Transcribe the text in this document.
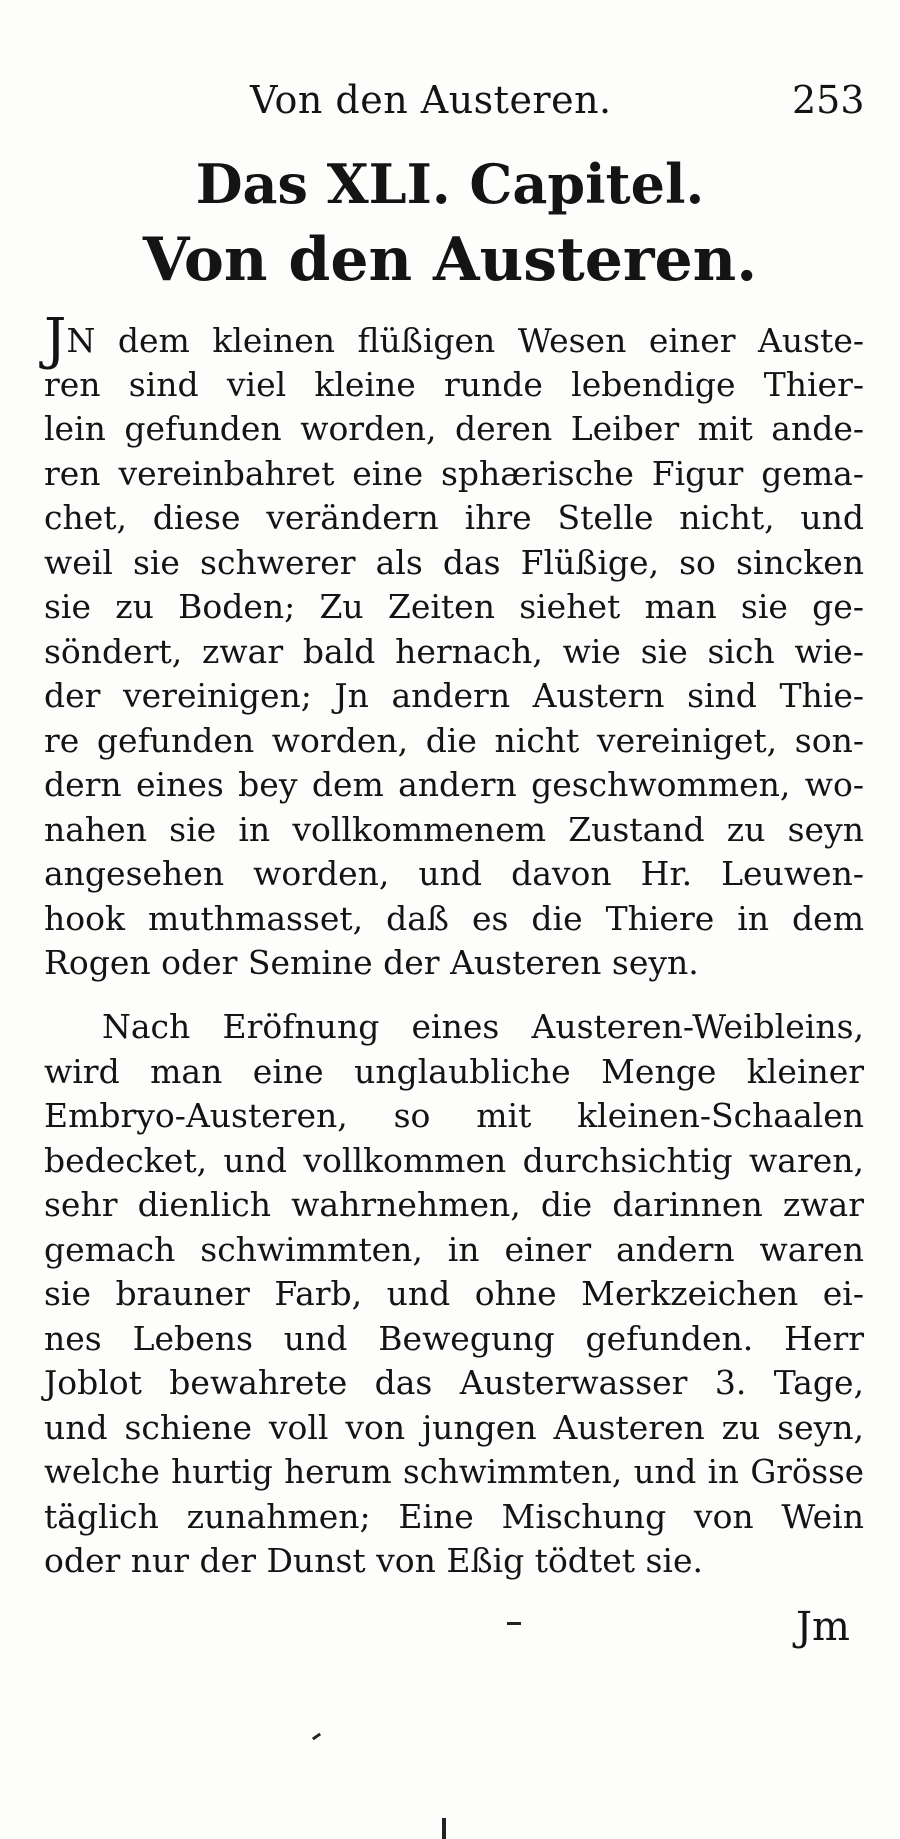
Von den Austeren.	253
Das XLI. Capitel.
Von den Austeren.
JN dem kleinen flüßigen Wesen einer Auste-
ren sind viel kleine runde lebendige Thier-
lein gefunden worden, deren Leiber mit ande-
ren vereinbahret eine sphærische Figur gema-
chet, diese verändern ihre Stelle nicht, und
weil sie schwerer als das Flüßige, so sincken
sie zu Boden; Zu Zeiten siehet man sie ge-
söndert, zwar bald hernach, wie sie sich wie-
der vereinigen; Jn andern Austern sind Thie-
re gefunden worden, die nicht vereiniget, son-
dern eines bey dem andern geschwommen, wo-
nahen sie in vollkommenem Zustand zu seyn
angesehen worden, und davon Hr. Leuwen-
hook muthmasset, daß es die Thiere in dem
Rogen oder Semine der Austeren seyn.
Nach Eröfnung eines Austeren-Weibleins,
wird man eine unglaubliche Menge kleiner
Embryo-Austeren, so mit kleinen-Schaalen
bedecket, und vollkommen durchsichtig waren,
sehr dienlich wahrnehmen, die darinnen zwar
gemach schwimmten, in einer andern waren
sie brauner Farb, und ohne Merkzeichen ei-
nes Lebens und Bewegung gefunden. Herr
Joblot bewahrete das Austerwasser 3. Tage,
und schiene voll von jungen Austeren zu seyn,
welche hurtig herum schwimmten, und in Grösse
täglich zunahmen; Eine Mischung von Wein
oder nur der Dunst von Eßig tödtet sie.
Jm
